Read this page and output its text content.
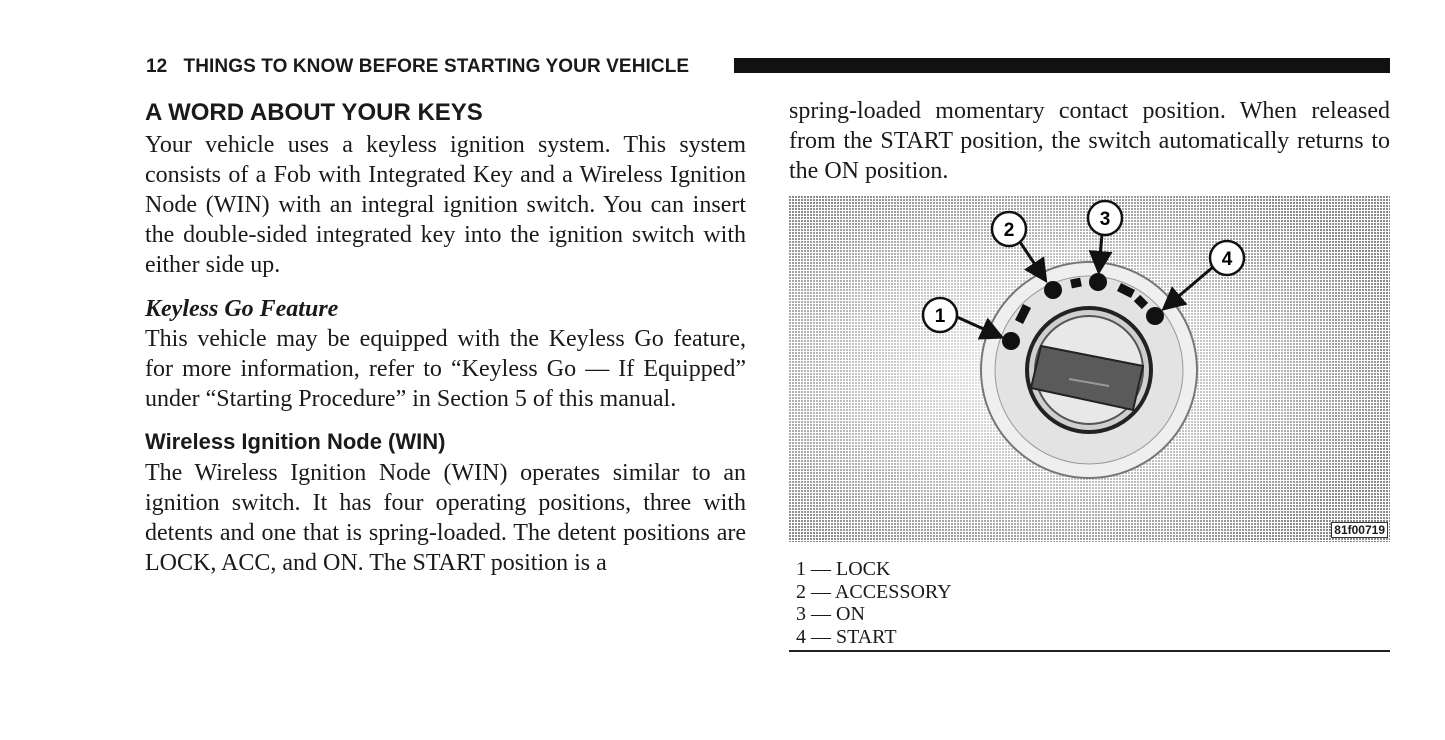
12 THINGS TO KNOW BEFORE STARTING YOUR VEHICLE
A WORD ABOUT YOUR KEYS

Your vehicle uses a keyless ignition system. This system consists of a Fob with Integrated Key and a Wireless Ignition Node (WIN) with an integral ignition switch. You can insert the double-sided integrated key into the ignition switch with either side up.

Keyless Go Feature

This vehicle may be equipped with the Keyless Go feature, for more information, refer to “Keyless Go — If Equipped” under “Starting Procedure” in Section 5 of this manual.

Wireless Ignition Node (WIN)

The Wireless Ignition Node (WIN) operates similar to an ignition switch. It has four operating positions, three with detents and one that is spring-loaded. The detent positions are LOCK, ACC, and ON. The START position is a

spring-loaded momentary contact position. When released from the START position, the switch automatically returns to the ON position.

1
2
3
4
81f00719
1 — LOCK
2 — ACCESSORY
3 — ON
4 — START
